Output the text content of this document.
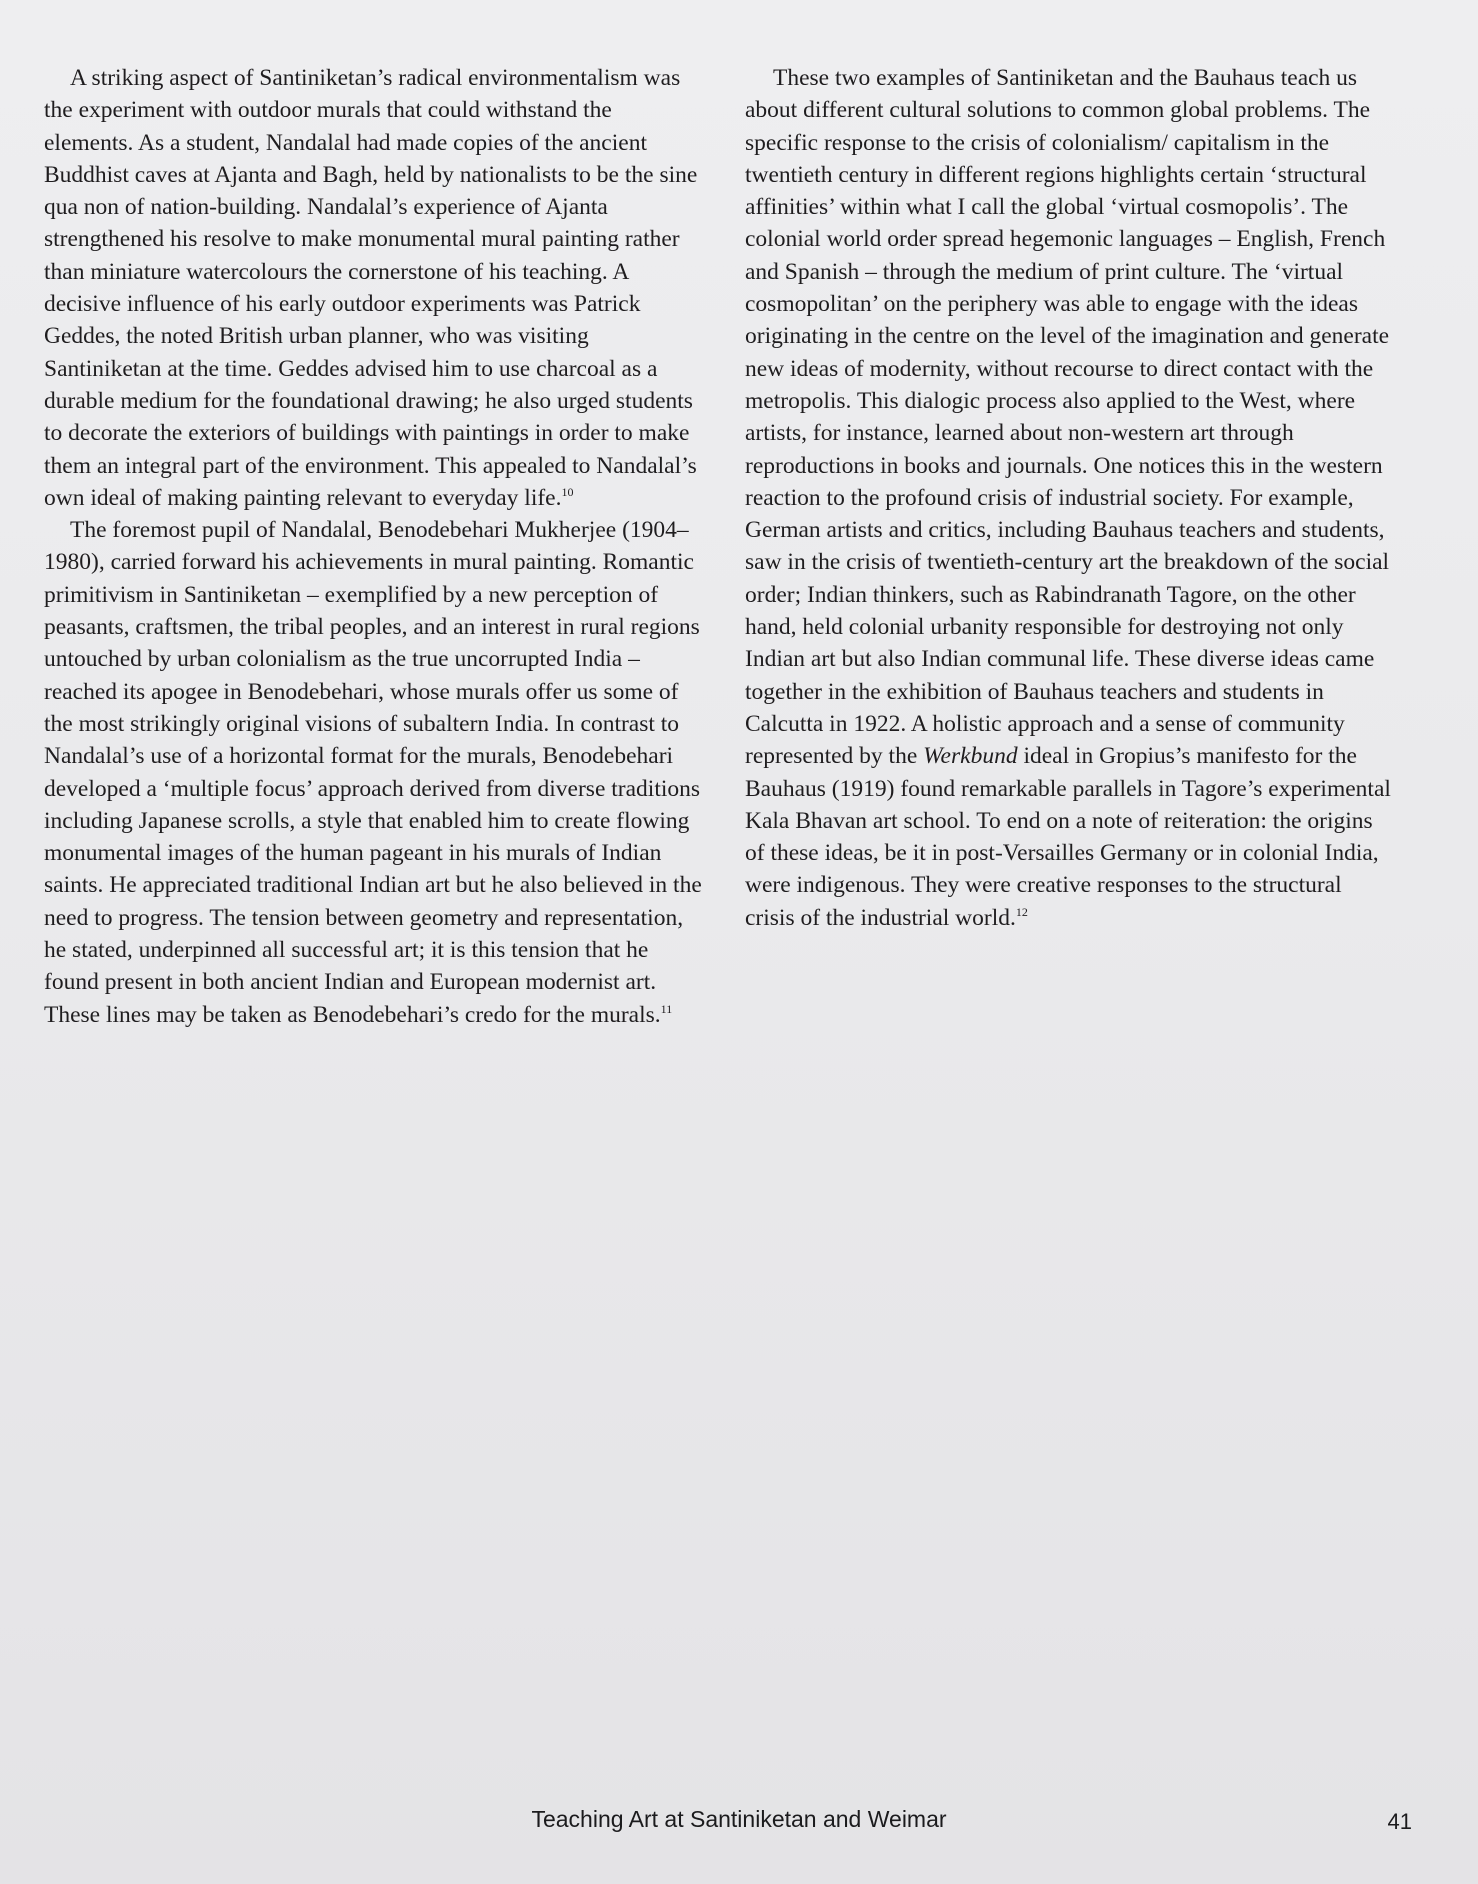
A striking aspect of Santiniketan’s radical environmentalism was the experiment with outdoor murals that could withstand the elements. As a student, Nandalal had made copies of the ancient Buddhist caves at Ajanta and Bagh, held by nationalists to be the sine qua non of nation-building. Nandalal’s experience of Ajanta strengthened his resolve to make monumental mural painting rather than miniature watercolours the cornerstone of his teaching. A decisive influence of his early outdoor experiments was Patrick Geddes, the noted British urban planner, who was visiting Santiniketan at the time. Geddes advised him to use charcoal as a durable medium for the foundational drawing; he also urged students to decorate the exteriors of buildings with paintings in order to make them an integral part of the environment. This appealed to Nandalal’s own ideal of making painting relevant to everyday life.$^{10}$

The foremost pupil of Nandalal, Benodebehari Mukherjee (1904–1980), carried forward his achievements in mural painting. Romantic primitivism in Santiniketan – exemplified by a new perception of peasants, craftsmen, the tribal peoples, and an interest in rural regions untouched by urban colonialism as the true uncorrupted India – reached its apogee in Benodebehari, whose murals offer us some of the most strikingly original visions of subaltern India. In contrast to Nandalal’s use of a horizontal format for the murals, Benodebehari developed a ‘multiple focus’ approach derived from diverse traditions including Japanese scrolls, a style that enabled him to create flowing monumental images of the human pageant in his murals of Indian saints. He appreciated traditional Indian art but he also believed in the need to progress. The tension between geometry and representation, he stated, underpinned all successful art; it is this tension that he found present in both ancient Indian and European modernist art. These lines may be taken as Benodebehari’s credo for the murals.$^{11}$

These two examples of Santiniketan and the Bauhaus teach us about different cultural solutions to common global problems. The specific response to the crisis of colonialism/ capitalism in the twentieth century in different regions highlights certain ‘structural affinities’ within what I call the global ‘virtual cosmopolis’. The colonial world order spread hegemonic languages – English, French and Spanish – through the medium of print culture. The ‘virtual cosmopolitan’ on the periphery was able to engage with the ideas originating in the centre on the level of the imagination and generate new ideas of modernity, without recourse to direct contact with the metropolis. This dialogic process also applied to the West, where artists, for instance, learned about non-western art through reproductions in books and journals. One notices this in the western reaction to the profound crisis of industrial society. For example, German artists and critics, including Bauhaus teachers and students, saw in the crisis of twentieth-century art the breakdown of the social order; Indian thinkers, such as Rabindranath Tagore, on the other hand, held colonial urbanity responsible for destroying not only Indian art but also Indian communal life. These diverse ideas came together in the exhibition of Bauhaus teachers and students in Calcutta in 1922. A holistic approach and a sense of community represented by the Werkbund ideal in Gropius’s manifesto for the Bauhaus (1919) found remarkable parallels in Tagore’s experimental Kala Bhavan art school. To end on a note of reiteration: the origins of these ideas, be it in post-Versailles Germany or in colonial India, were indigenous. They were creative responses to the structural crisis of the industrial world.$^{12}$

Teaching Art at Santiniketan and Weimar	41
